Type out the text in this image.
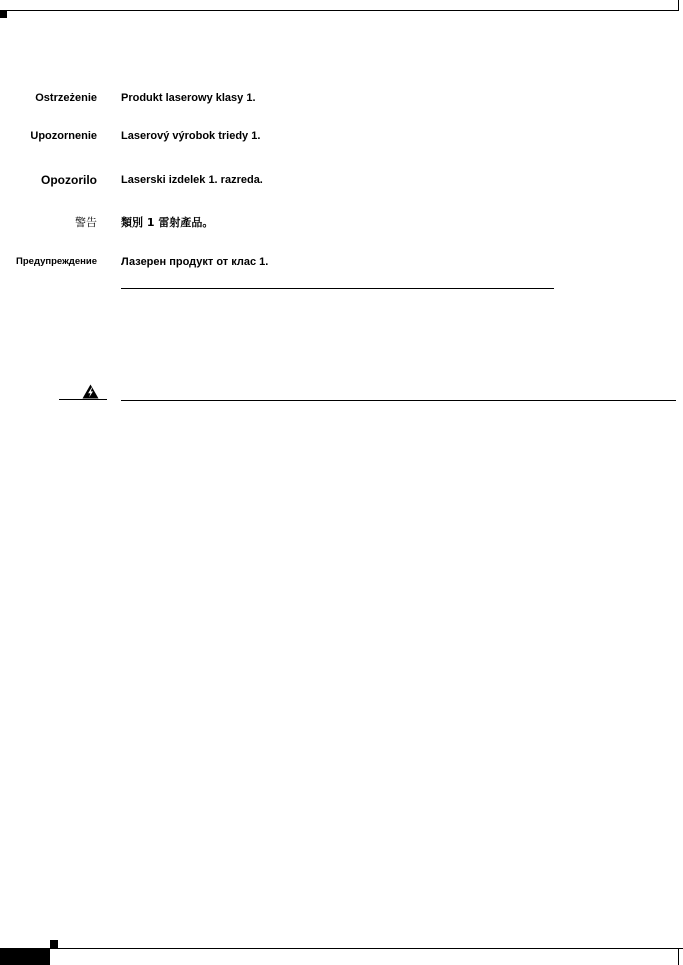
Ostrzeżenie Produkt laserowy klasy 1.
Upozornenie Laserový výrobok triedy 1.
Opozorilo Laserski izdelek 1. razreda.
警告 類別 1 雷射產品。
Предупреждение Лазерен продукт от клас 1.
